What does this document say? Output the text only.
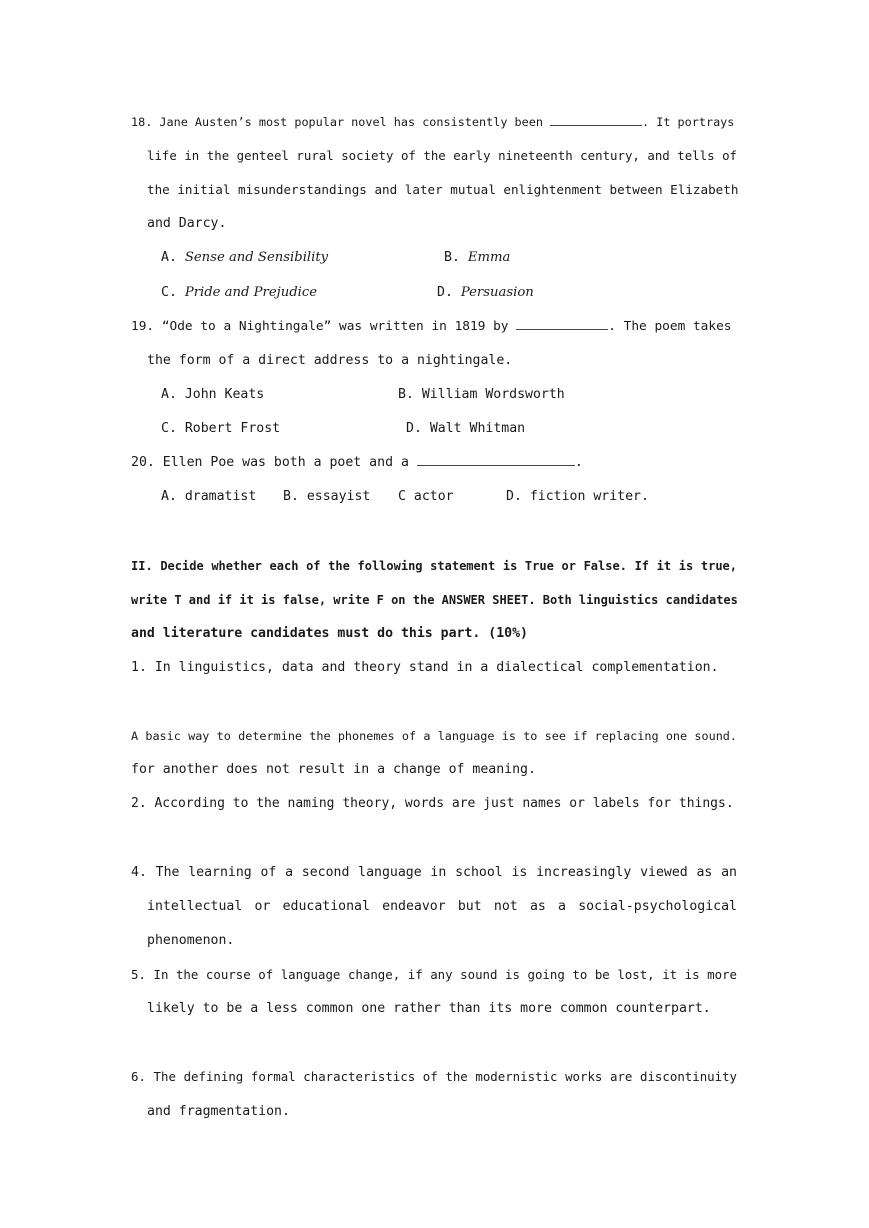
18. Jane Austen’s most popular novel has consistently been	. It portrays
life in the genteel rural society of the early nineteenth century, and tells of
the initial misunderstandings and later mutual enlightenment between Elizabeth
and Darcy.
A. Sense and Sensibility	B. Emma
C. Pride and Prejudice	D. Persuasion
19. “Ode to a Nightingale” was written in 1819 by	. The poem takes
the form of a direct address to a nightingale.
A. John Keats	B. William Wordsworth
C. Robert Frost	D. Walt Whitman
20. Ellen Poe was both a poet and a	.
A. dramatist B. essayist C actor	D. fiction writer.
II. Decide whether each of the following statement is True or False. If it is true,
write T and if it is false, write F on the ANSWER SHEET. Both linguistics candidates
and literature candidates must do this part. (10%)
1. In linguistics, data and theory stand in a dialectical complementation.
A basic way to determine the phonemes of a language is to see if replacing one sound.
for another does not result in a change of meaning.
2. According to the naming theory, words are just names or labels for things.
4. The learning of a second language in school is increasingly viewed as an
intellectual or educational endeavor but not as a social-psychological
phenomenon.
5. In the course of language change, if any sound is going to be lost, it is more
likely to be a less common one rather than its more common counterpart.
6. The defining formal characteristics of the modernistic works are discontinuity
and fragmentation.
